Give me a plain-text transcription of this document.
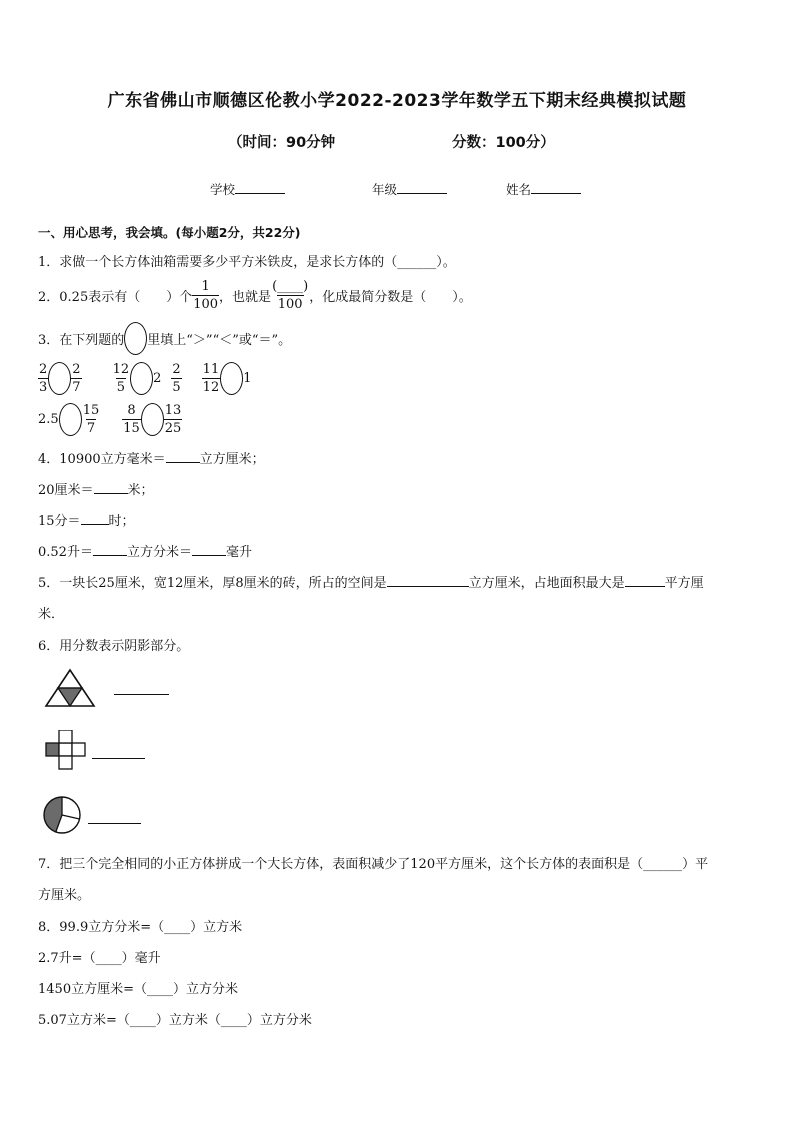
广东省佛山市顺德区伦教小学2022-2023学年数学五下期末经典模拟试题
（时间：90分钟	分数：100分）
学校	年级	姓名
一、用心思考，我会填。(每小题2分，共22分)
1．求做一个长方体油箱需要多少平方米铁皮，是求长方体的（______）。
2．0.25表示有（　　）个 $\frac{1}{100}$ ，也就是 $\frac{(\_\_\_\_)}{100}$ ，化成最简分数是（　　）。
3．在下列题的 里填上“＞”“＜”或“＝”。
$\frac{2}{3} \frac{2}{7} \frac{12}{5} 2 \frac{2}{5} \frac{11}{12} 1$
$2.5 \frac{15}{7} \frac{8}{15} \frac{13}{25}$
4．10900立方毫米＝	立方厘米；
20厘米＝	米；
15分＝ 时；
0.52升＝	立方分米＝	毫升
5．一块长25厘米，宽12厘米，厚8厘米的砖，所占的空间是	立方厘米，占地面积最大是	平方厘
米．
6．用分数表示阴影部分。
7．把三个完全相同的小正方体拼成一个大长方体，表面积减少了120平方厘米，这个长方体的表面积是（______）平
方厘米。
8．99.9立方分米=（____）立方米
2.7升=（____）毫升
1450立方厘米=（____）立方分米
5.07立方米=（____）立方米（____）立方分米
